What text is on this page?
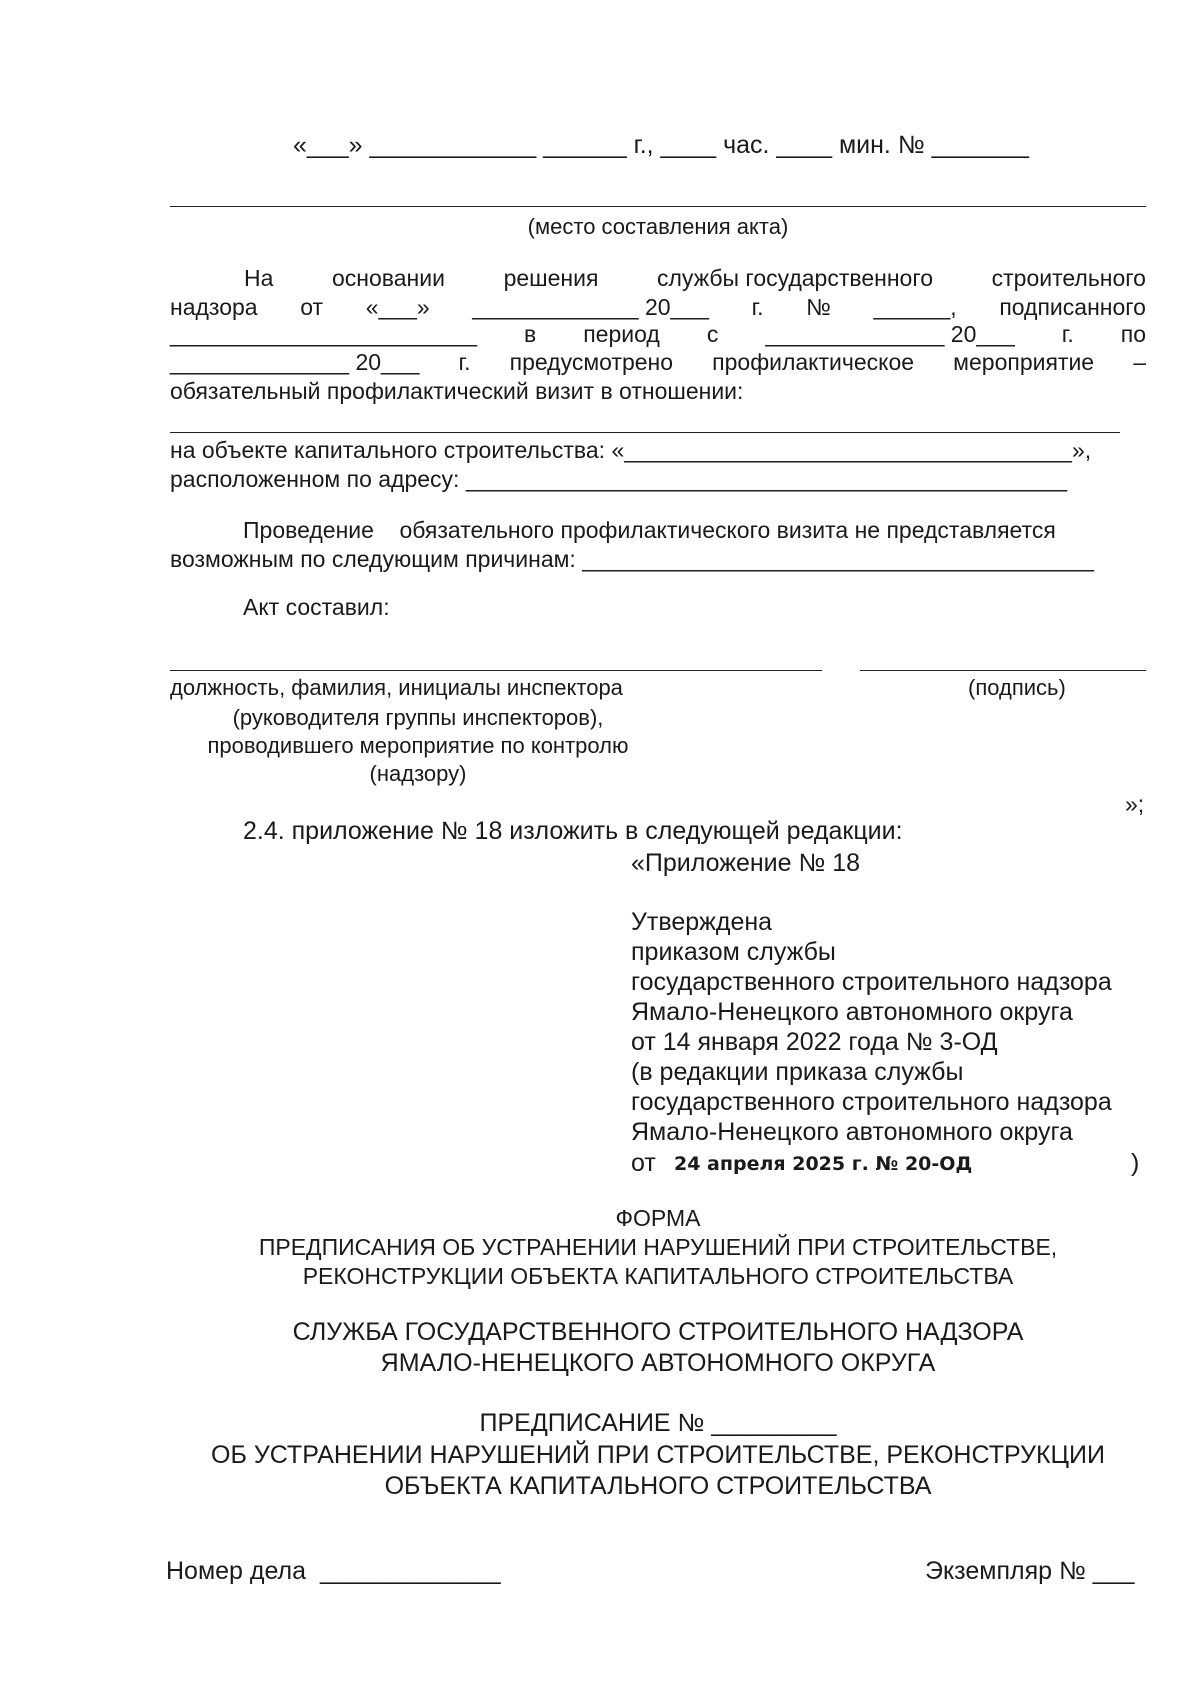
«___» ____________ ______ г., ____ час. ____ мин. № _______
(место составления акта)
На	основании	решения	службы государственного	строительного
надзора от «___» _____________ 20___ г. № ______, подписанного
________________________ в период с ______________ 20___ г. по
______________ 20___ г. предусмотрено профилактическое мероприятие –
обязательный профилактический визит в отношении:
на объекте капитального строительства: «___________________________________»,
расположенном по адресу: _______________________________________________
Проведение    обязательного профилактического визита не представляется
возможным по следующим причинам: ________________________________________
Акт составил:
должность, фамилия, инициалы инспектора
(руководителя группы инспекторов),
проводившего мероприятие по контролю
(надзору)
(подпись)
»;
2.4. приложение № 18 изложить в следующей редакции:
«Приложение № 18
Утверждена
приказом службы
государственного строительного надзора
Ямало-Ненецкого автономного округа
от 14 января 2022 года № 3-ОД
(в редакции приказа службы
государственного строительного надзора
Ямало-Ненецкого автономного округа
от 24 апреля 2025 г. № 20-ОД	)
ФОРМА
ПРЕДПИСАНИЯ ОБ УСТРАНЕНИИ НАРУШЕНИЙ ПРИ СТРОИТЕЛЬСТВЕ,
РЕКОНСТРУКЦИИ ОБЪЕКТА КАПИТАЛЬНОГО СТРОИТЕЛЬСТВА
СЛУЖБА ГОСУДАРСТВЕННОГО СТРОИТЕЛЬНОГО НАДЗОРА
ЯМАЛО-НЕНЕЦКОГО АВТОНОМНОГО ОКРУГА
ПРЕДПИСАНИЕ № _________
ОБ УСТРАНЕНИИ НАРУШЕНИЙ ПРИ СТРОИТЕЛЬСТВЕ, РЕКОНСТРУКЦИИ
ОБЪЕКТА КАПИТАЛЬНОГО СТРОИТЕЛЬСТВА
Номер дела  _____________	Экземпляр № ___
